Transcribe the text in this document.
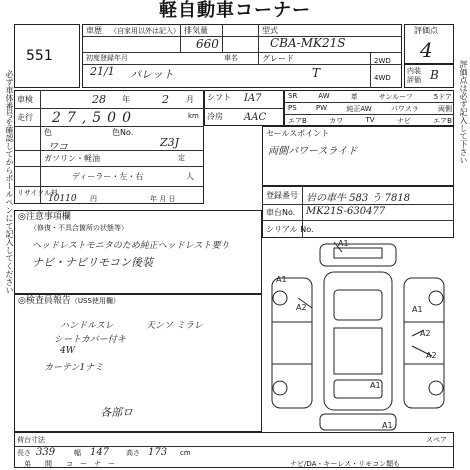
軽自動車コーナー
必ず車体番号を確認してからボールペンにて記入してください	評価点は必ず記入して下さい
551
車歴 （自家用以外は記入） 排気量
660
型式
CBA-MK21S
評価点
4
初度登録年月
21/1 パレット
車名	グレード
T
2WD
4WD
内装
評価 B
車検	28 年	2 月
走行 27,500	km
色
ワコ
色No.
Z3J
ガソリン・軽油	定
ディーラー・左・右	人
リサイクル料
10110 円	年 月 日
シフト IA7
冷房 AAC
SR	AW	革	サンルーフ	5ドア
PS	PW	純正AW	パワスラ	両側
エアB	カワ	TV	ナビ	エアB
セールスポイント
両側パワースライド
登録番号 岩の車牛 583 う 7818
車台No. MK21S-630477
シリアル No.
◎注意事項欄
（修復・不具合箇所の状態等）
ヘッドレストモニタのため純正ヘッドレスト要り
ナビ・ナビリモコン後装
◎検査員報告（USS使用欄）
ハンドルスレ
シートカバー付キ
4W
カーテン1ナミ
天ンソ ミラレ
各部ロ
A1
A1
A2	A1
A2
A2
A1
A1
荷台寸法
長さ 339	幅 147 高さ 173 cm
弟　　間　　コ　ー　ナ　ー	ナビ/DA・キーレス・リモコン類も
スペア
